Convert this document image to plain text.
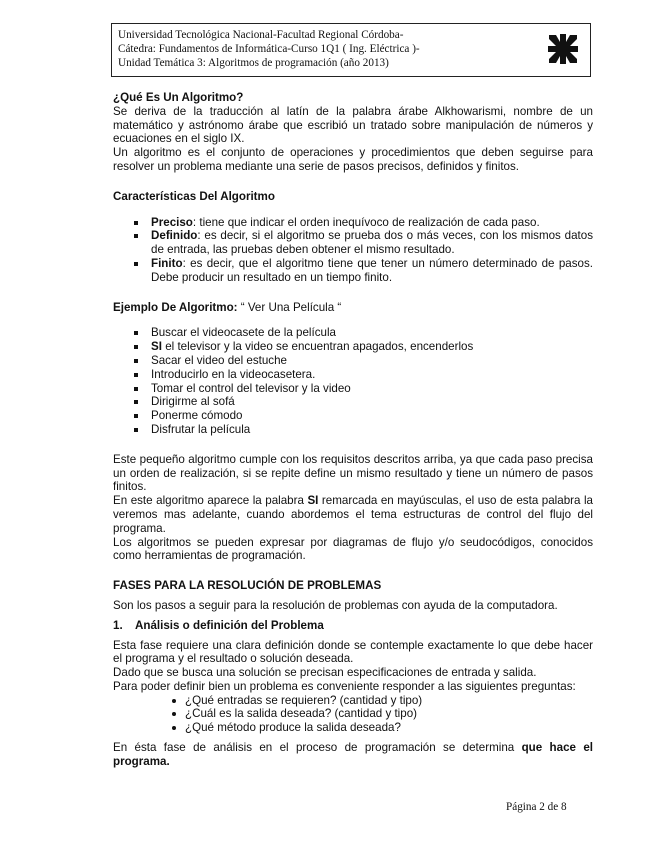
Universidad Tecnológica Nacional-Facultad Regional Córdoba-
Cátedra: Fundamentos de Informática-Curso 1Q1 ( Ing. Eléctrica )-
Unidad Temática 3: Algoritmos de programación (año 2013)

¿Qué Es Un Algoritmo?

Se deriva de la traducción al latín de la palabra árabe Alkhowarismi, nombre de un matemático y astrónomo árabe que escribió un tratado sobre manipulación de números y ecuaciones en el siglo IX.

Un algoritmo es el conjunto de operaciones y procedimientos que deben seguirse para resolver un problema mediante una serie de pasos precisos, definidos y finitos.

Características Del Algoritmo

Preciso: tiene que indicar el orden inequívoco de realización de cada paso.
Definido: es decir, si el algoritmo se prueba dos o más veces, con los mismos datos de entrada, las pruebas deben obtener el mismo resultado.
Finito: es decir, que el algoritmo tiene que tener un número determinado de pasos. Debe producir un resultado en un tiempo finito.

Ejemplo De Algoritmo: “ Ver Una Película “

Buscar el videocasete de la película
SI el televisor y la video se encuentran apagados, encenderlos
Sacar el video del estuche
Introducirlo en la videocasetera.
Tomar el control del televisor y la video
Dirigirme al sofá
Ponerme cómodo
Disfrutar la película

Este pequeño algoritmo cumple con los requisitos descritos arriba, ya que cada paso precisa un orden de realización, si se repite define un mismo resultado y tiene un número de pasos finitos.

En este algoritmo aparece la palabra SI remarcada en mayúsculas, el uso de esta palabra la veremos mas adelante, cuando abordemos el tema estructuras de control del flujo del programa.

Los algoritmos se pueden expresar por diagramas de flujo y/o seudocódigos, conocidos como herramientas de programación.

FASES PARA LA RESOLUCIÓN DE PROBLEMAS

Son los pasos a seguir para la resolución de problemas con ayuda de la computadora.

1. Análisis o definición del Problema

Esta fase requiere una clara definición donde se contemple exactamente lo que debe hacer el programa y el resultado o solución deseada.

Dado que se busca una solución se precisan especificaciones de entrada y salida.

Para poder definir bien un problema es conveniente responder a las siguientes preguntas:

¿Qué entradas se requieren? (cantidad y tipo)
¿Cuál es la salida deseada? (cantidad y tipo)
¿Qué método produce la salida deseada?

En ésta fase de análisis en el proceso de programación se determina que hace el programa.

Página 2 de 8
